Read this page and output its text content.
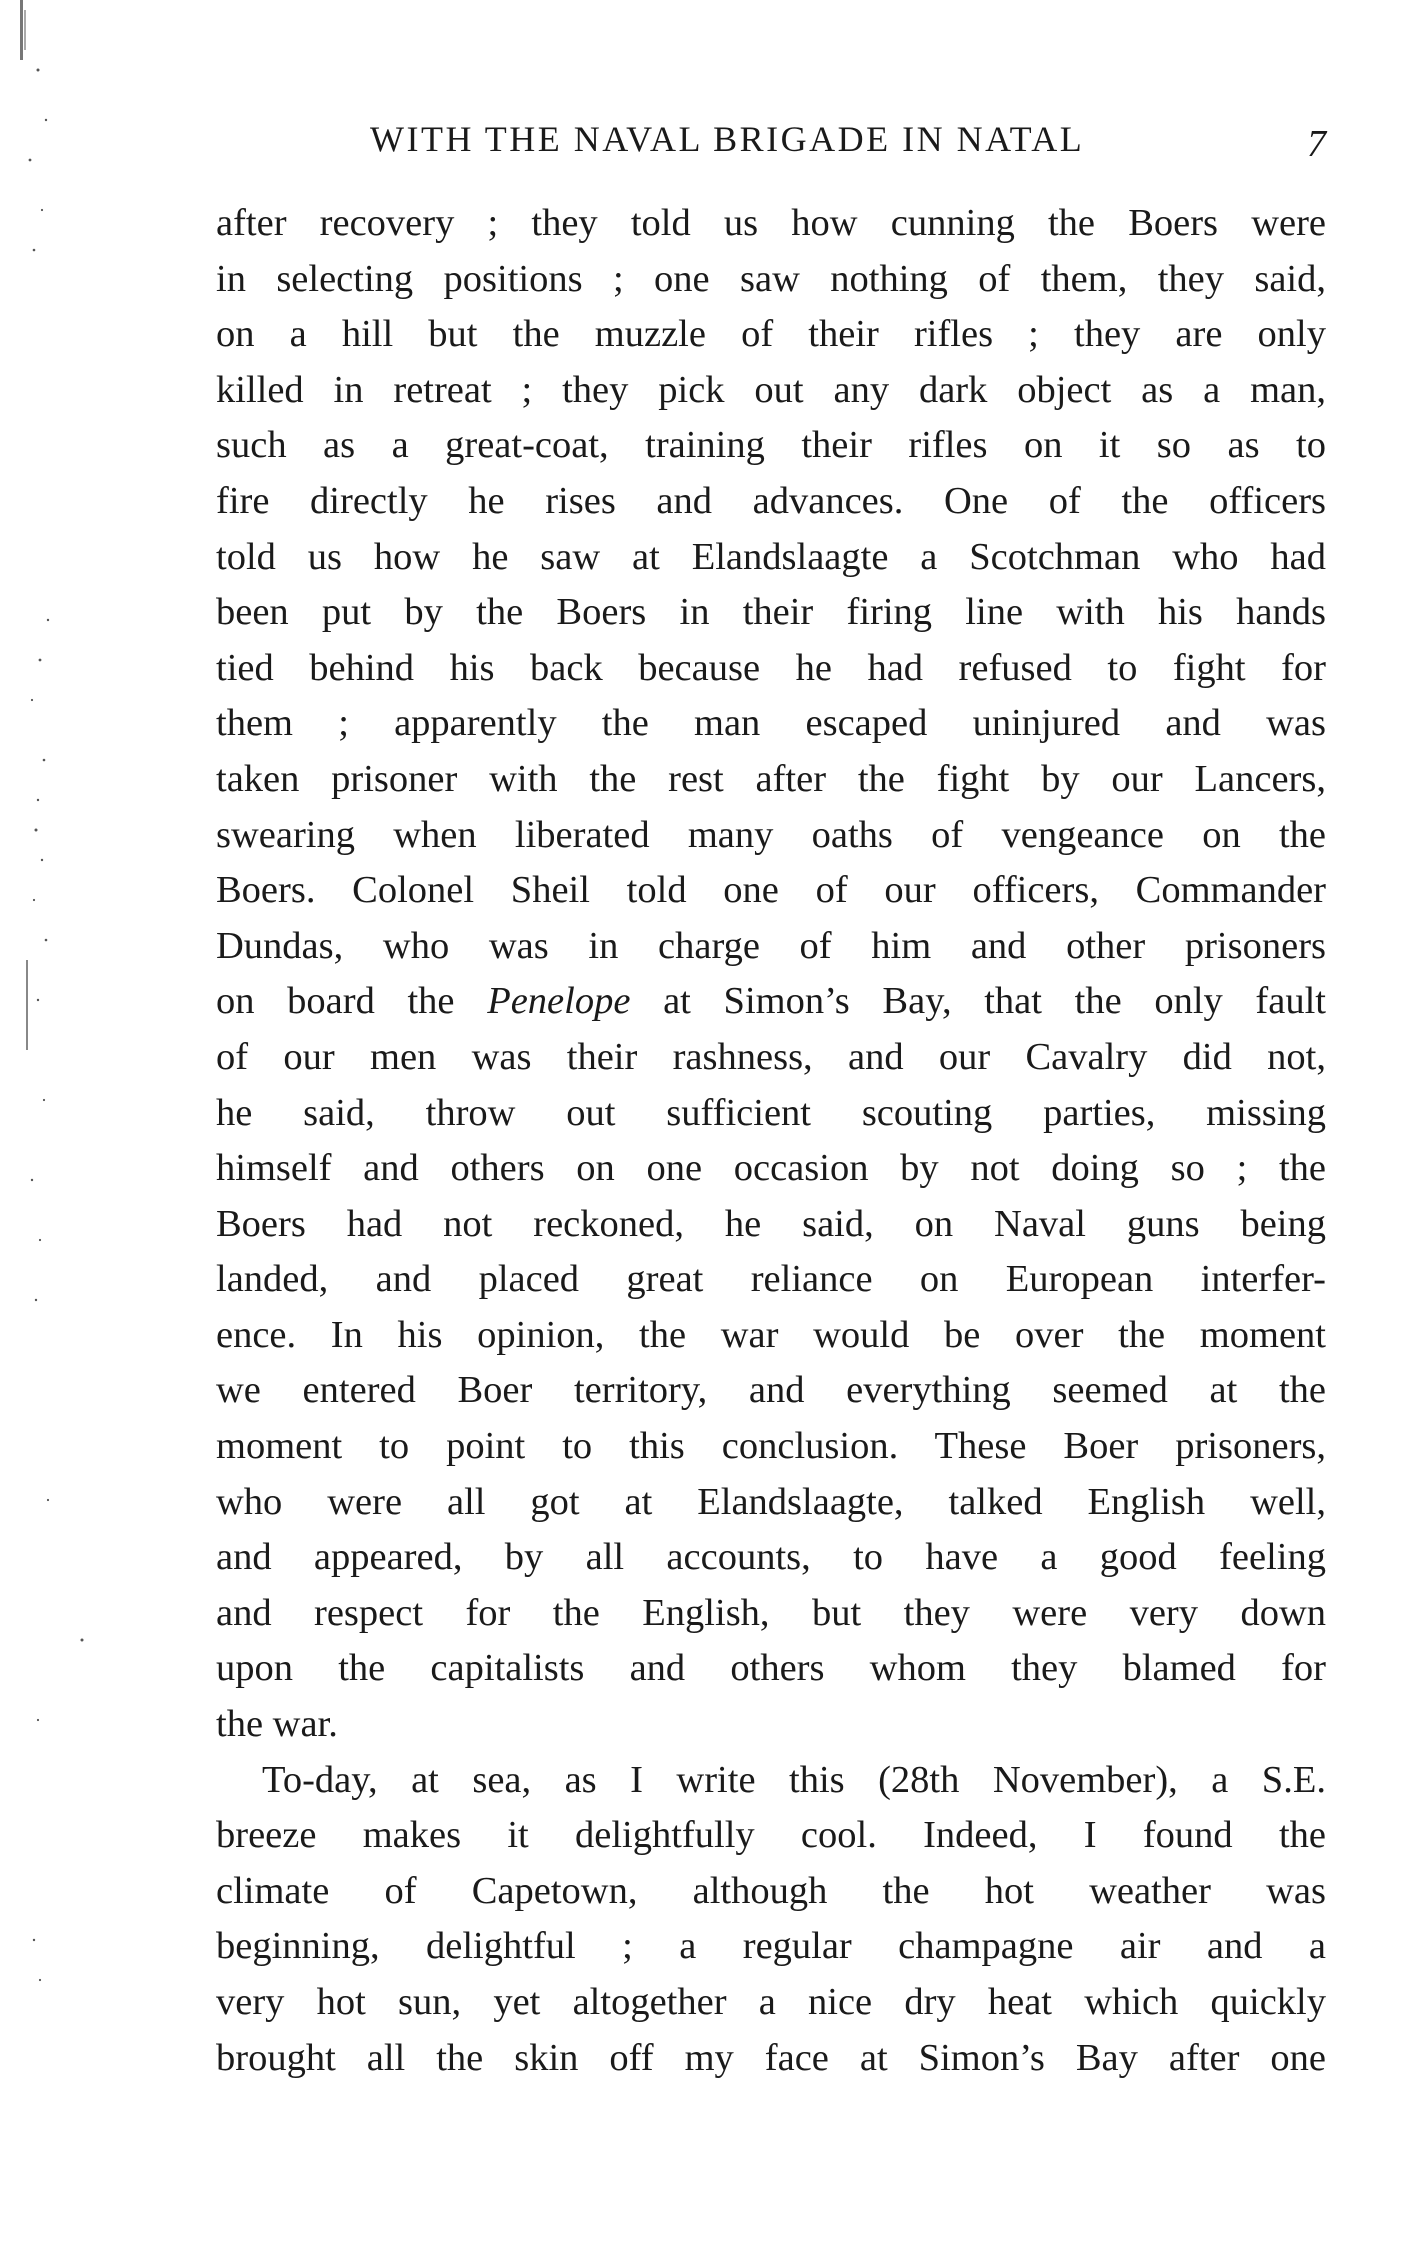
WITH THE NAVAL BRIGADE IN NATAL	7
after recovery ; they told us how cunning the Boers were
in selecting positions ; one saw nothing of them, they said,
on a hill but the muzzle of their rifles ; they are only
killed in retreat ; they pick out any dark object as a man,
such as a great-coat, training their rifles on it so as to
fire directly he rises and advances. One of the officers
told us how he saw at Elandslaagte a Scotchman who had
been put by the Boers in their firing line with his hands
tied behind his back because he had refused to fight for
them ; apparently the man escaped uninjured and was
taken prisoner with the rest after the fight by our Lancers,
swearing when liberated many oaths of vengeance on the
Boers. Colonel Sheil told one of our officers, Commander
Dundas, who was in charge of him and other prisoners
on board the Penelope at Simon’s Bay, that the only fault
of our men was their rashness, and our Cavalry did not,
he said, throw out sufficient scouting parties, missing
himself and others on one occasion by not doing so ; the
Boers had not reckoned, he said, on Naval guns being
landed, and placed great reliance on European interfer-
ence. In his opinion, the war would be over the moment
we entered Boer territory, and everything seemed at the
moment to point to this conclusion. These Boer prisoners,
who were all got at Elandslaagte, talked English well,
and appeared, by all accounts, to have a good feeling
and respect for the English, but they were very down
upon the capitalists and others whom they blamed for
the war.
To-day, at sea, as I write this (28th November), a S.E.
breeze makes it delightfully cool. Indeed, I found the
climate of Capetown, although the hot weather was
beginning, delightful ; a regular champagne air and a
very hot sun, yet altogether a nice dry heat which quickly
brought all the skin off my face at Simon’s Bay after one
